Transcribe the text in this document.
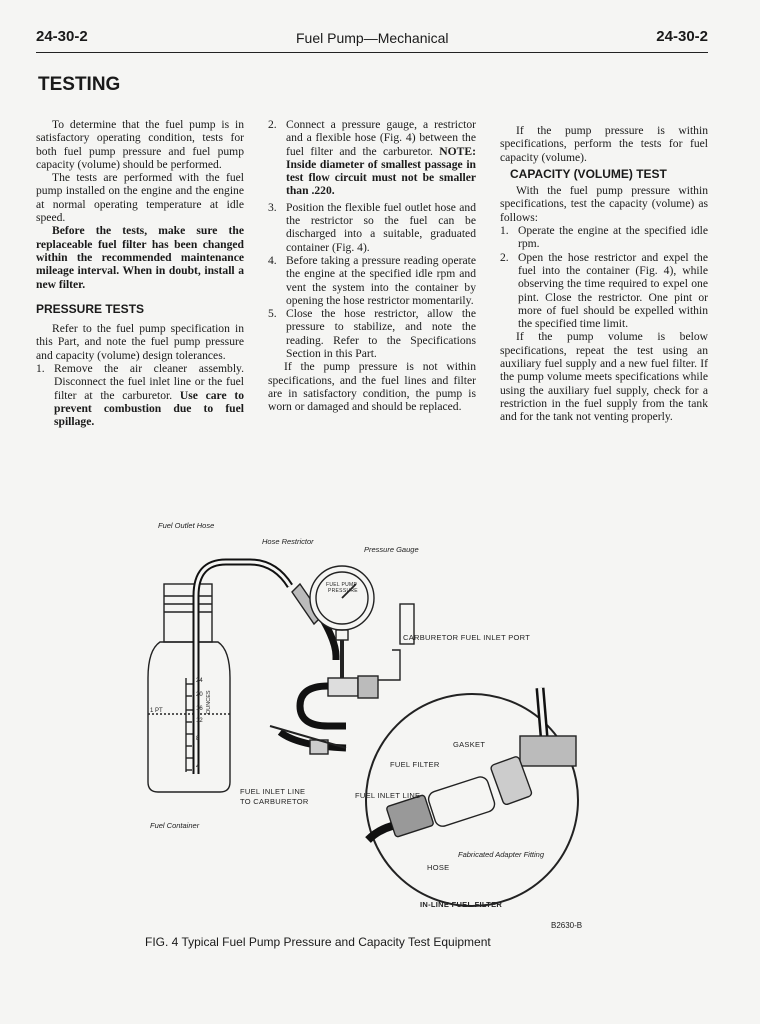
24-30-2	Fuel Pump—Mechanical	24-30-2
TESTING

To determine that the fuel pump is in satisfactory operating condition, tests for both fuel pump pressure and fuel pump capacity (volume) should be performed.

The tests are performed with the fuel pump installed on the engine and the engine at normal operating temperature at idle speed.

Before the tests, make sure the replaceable fuel filter has been changed within the recommended maintenance mileage interval. When in doubt, install a new filter.

PRESSURE TESTS

Refer to the fuel pump specification in this Part, and note the fuel pump pressure and capacity (volume) design tolerances.

1. Remove the air cleaner assembly. Disconnect the fuel inlet line or the fuel filter at the carburetor. Use care to prevent combustion due to fuel spillage.
2. Connect a pressure gauge, a restrictor and a flexible hose (Fig. 4) between the fuel filter and the carburetor. NOTE: Inside diameter of smallest passage in test flow circuit must not be smaller than .220.
3. Position the flexible fuel outlet hose and the restrictor so the fuel can be discharged into a suitable, graduated container (Fig. 4).
4. Before taking a pressure reading operate the engine at the specified idle rpm and vent the system into the container by opening the hose restrictor momentarily.
5. Close the hose restrictor, allow the pressure to stabilize, and note the reading. Refer to the Specifications Section in this Part.

If the pump pressure is not within specifications, and the fuel lines and filter are in satisfactory condition, the pump is worn or damaged and should be replaced.

If the pump pressure is within specifications, perform the tests for fuel capacity (volume).

CAPACITY (VOLUME) TEST

With the fuel pump pressure within specifications, test the capacity (volume) as follows:

1. Operate the engine at the specified idle rpm.
2. Open the hose restrictor and expel the fuel into the container (Fig. 4), while observing the time required to expel one pint. Close the restrictor. One pint or more of fuel should be expelled within the specified time limit.

If the pump volume is below specifications, repeat the test using an auxiliary fuel supply and a new fuel filter. If the pump volume meets specifications while using the auxiliary fuel supply, check for a restriction in the fuel supply from the tank and for the tank not venting properly.

Fuel Outlet Hose
Hose Restrictor
Pressure Gauge
CARBURETOR FUEL INLET PORT
GASKET
FUEL FILTER
FUEL INLET LINE
FUEL INLET LINE
TO CARBURETOR
Fuel Container
Fabricated Adapter Fitting
HOSE
IN-LINE FUEL FILTER
FUEL PUMP
PRESSURE
24
20
16
12
8
4
1 PT	OUNCES
B2630-B
FIG. 4 Typical Fuel Pump Pressure and Capacity Test Equipment
